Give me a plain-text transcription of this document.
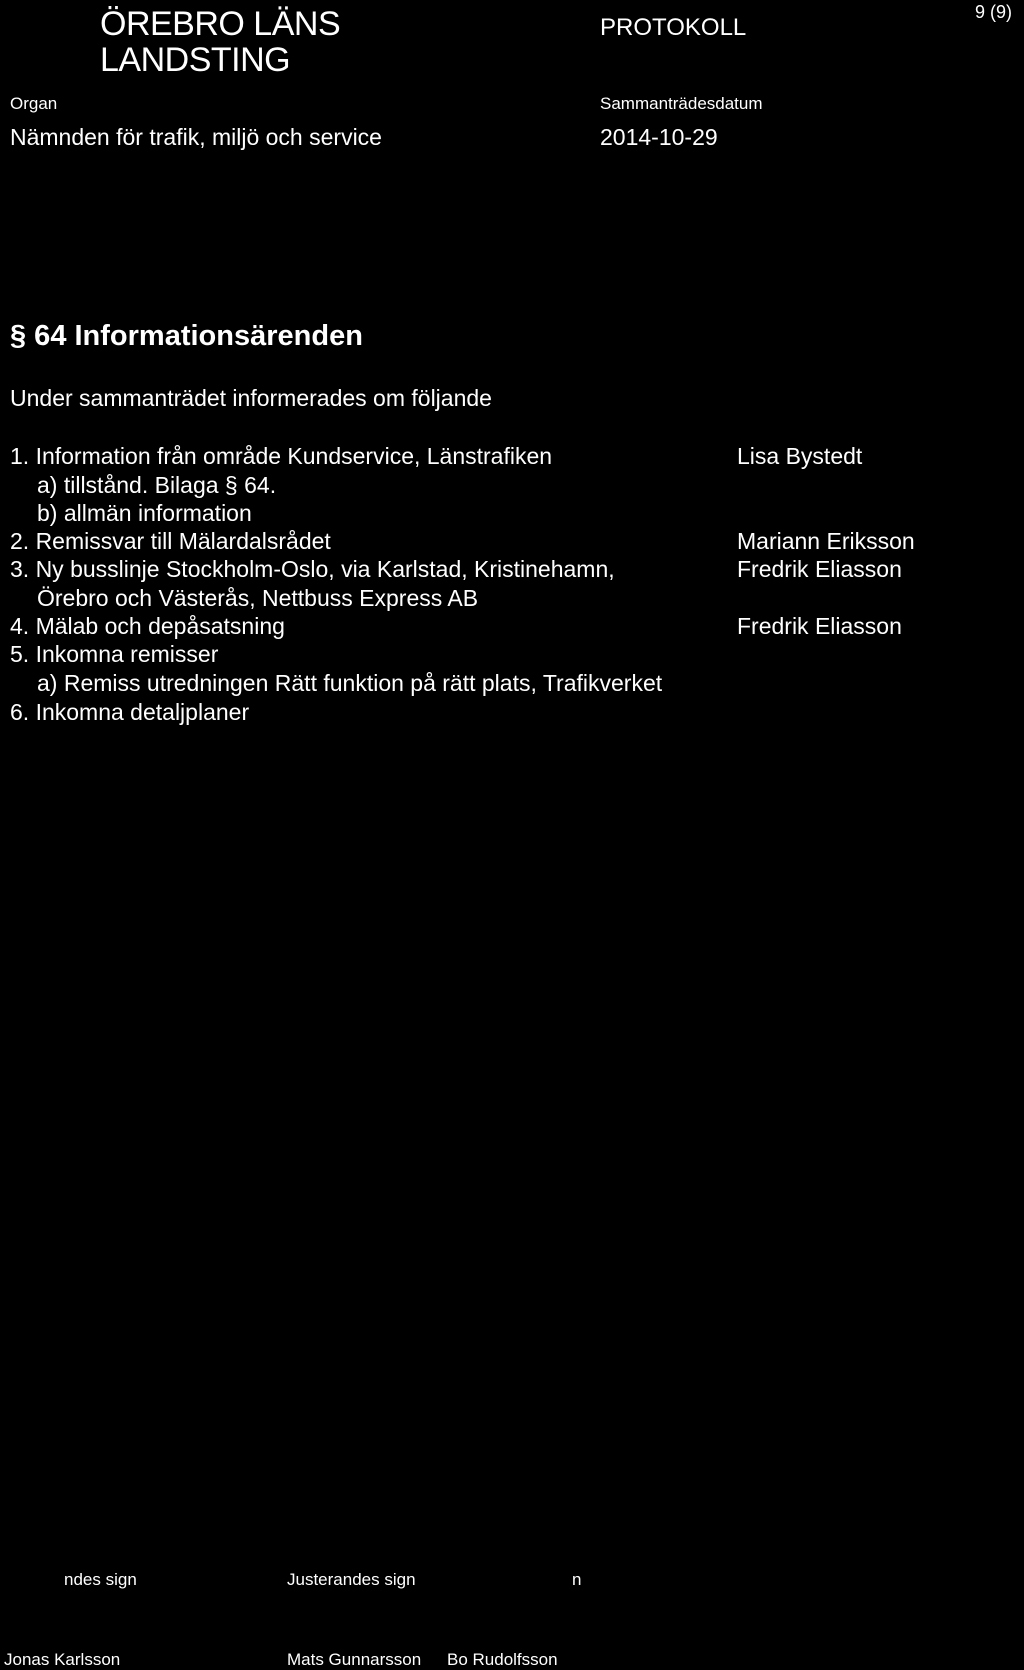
ÖREBRO LÄNS
LANDSTING
PROTOKOLL
9 (9)
Organ
Nämnden för trafik, miljö och service
Sammanträdesdatum
2014-10-29
§ 64 Informationsärenden
Under sammanträdet informerades om följande
1. Information från område Kundservice, Länstrafiken	Lisa Bystedt
a) tillstånd. Bilaga § 64.
b) allmän information
2. Remissvar till Mälardalsrådet	Mariann Eriksson
3. Ny busslinje Stockholm-Oslo, via Karlstad, Kristinehamn,	Fredrik Eliasson
Örebro och Västerås, Nettbuss Express AB
4. Mälab och depåsatsning	Fredrik Eliasson
5. Inkomna remisser
a) Remiss utredningen Rätt funktion på rätt plats, Trafikverket
6. Inkomna detaljplaner
ndes sign	Justerandes sign	n
Jonas Karlsson	Mats Gunnarsson Bo Rudolfsson
